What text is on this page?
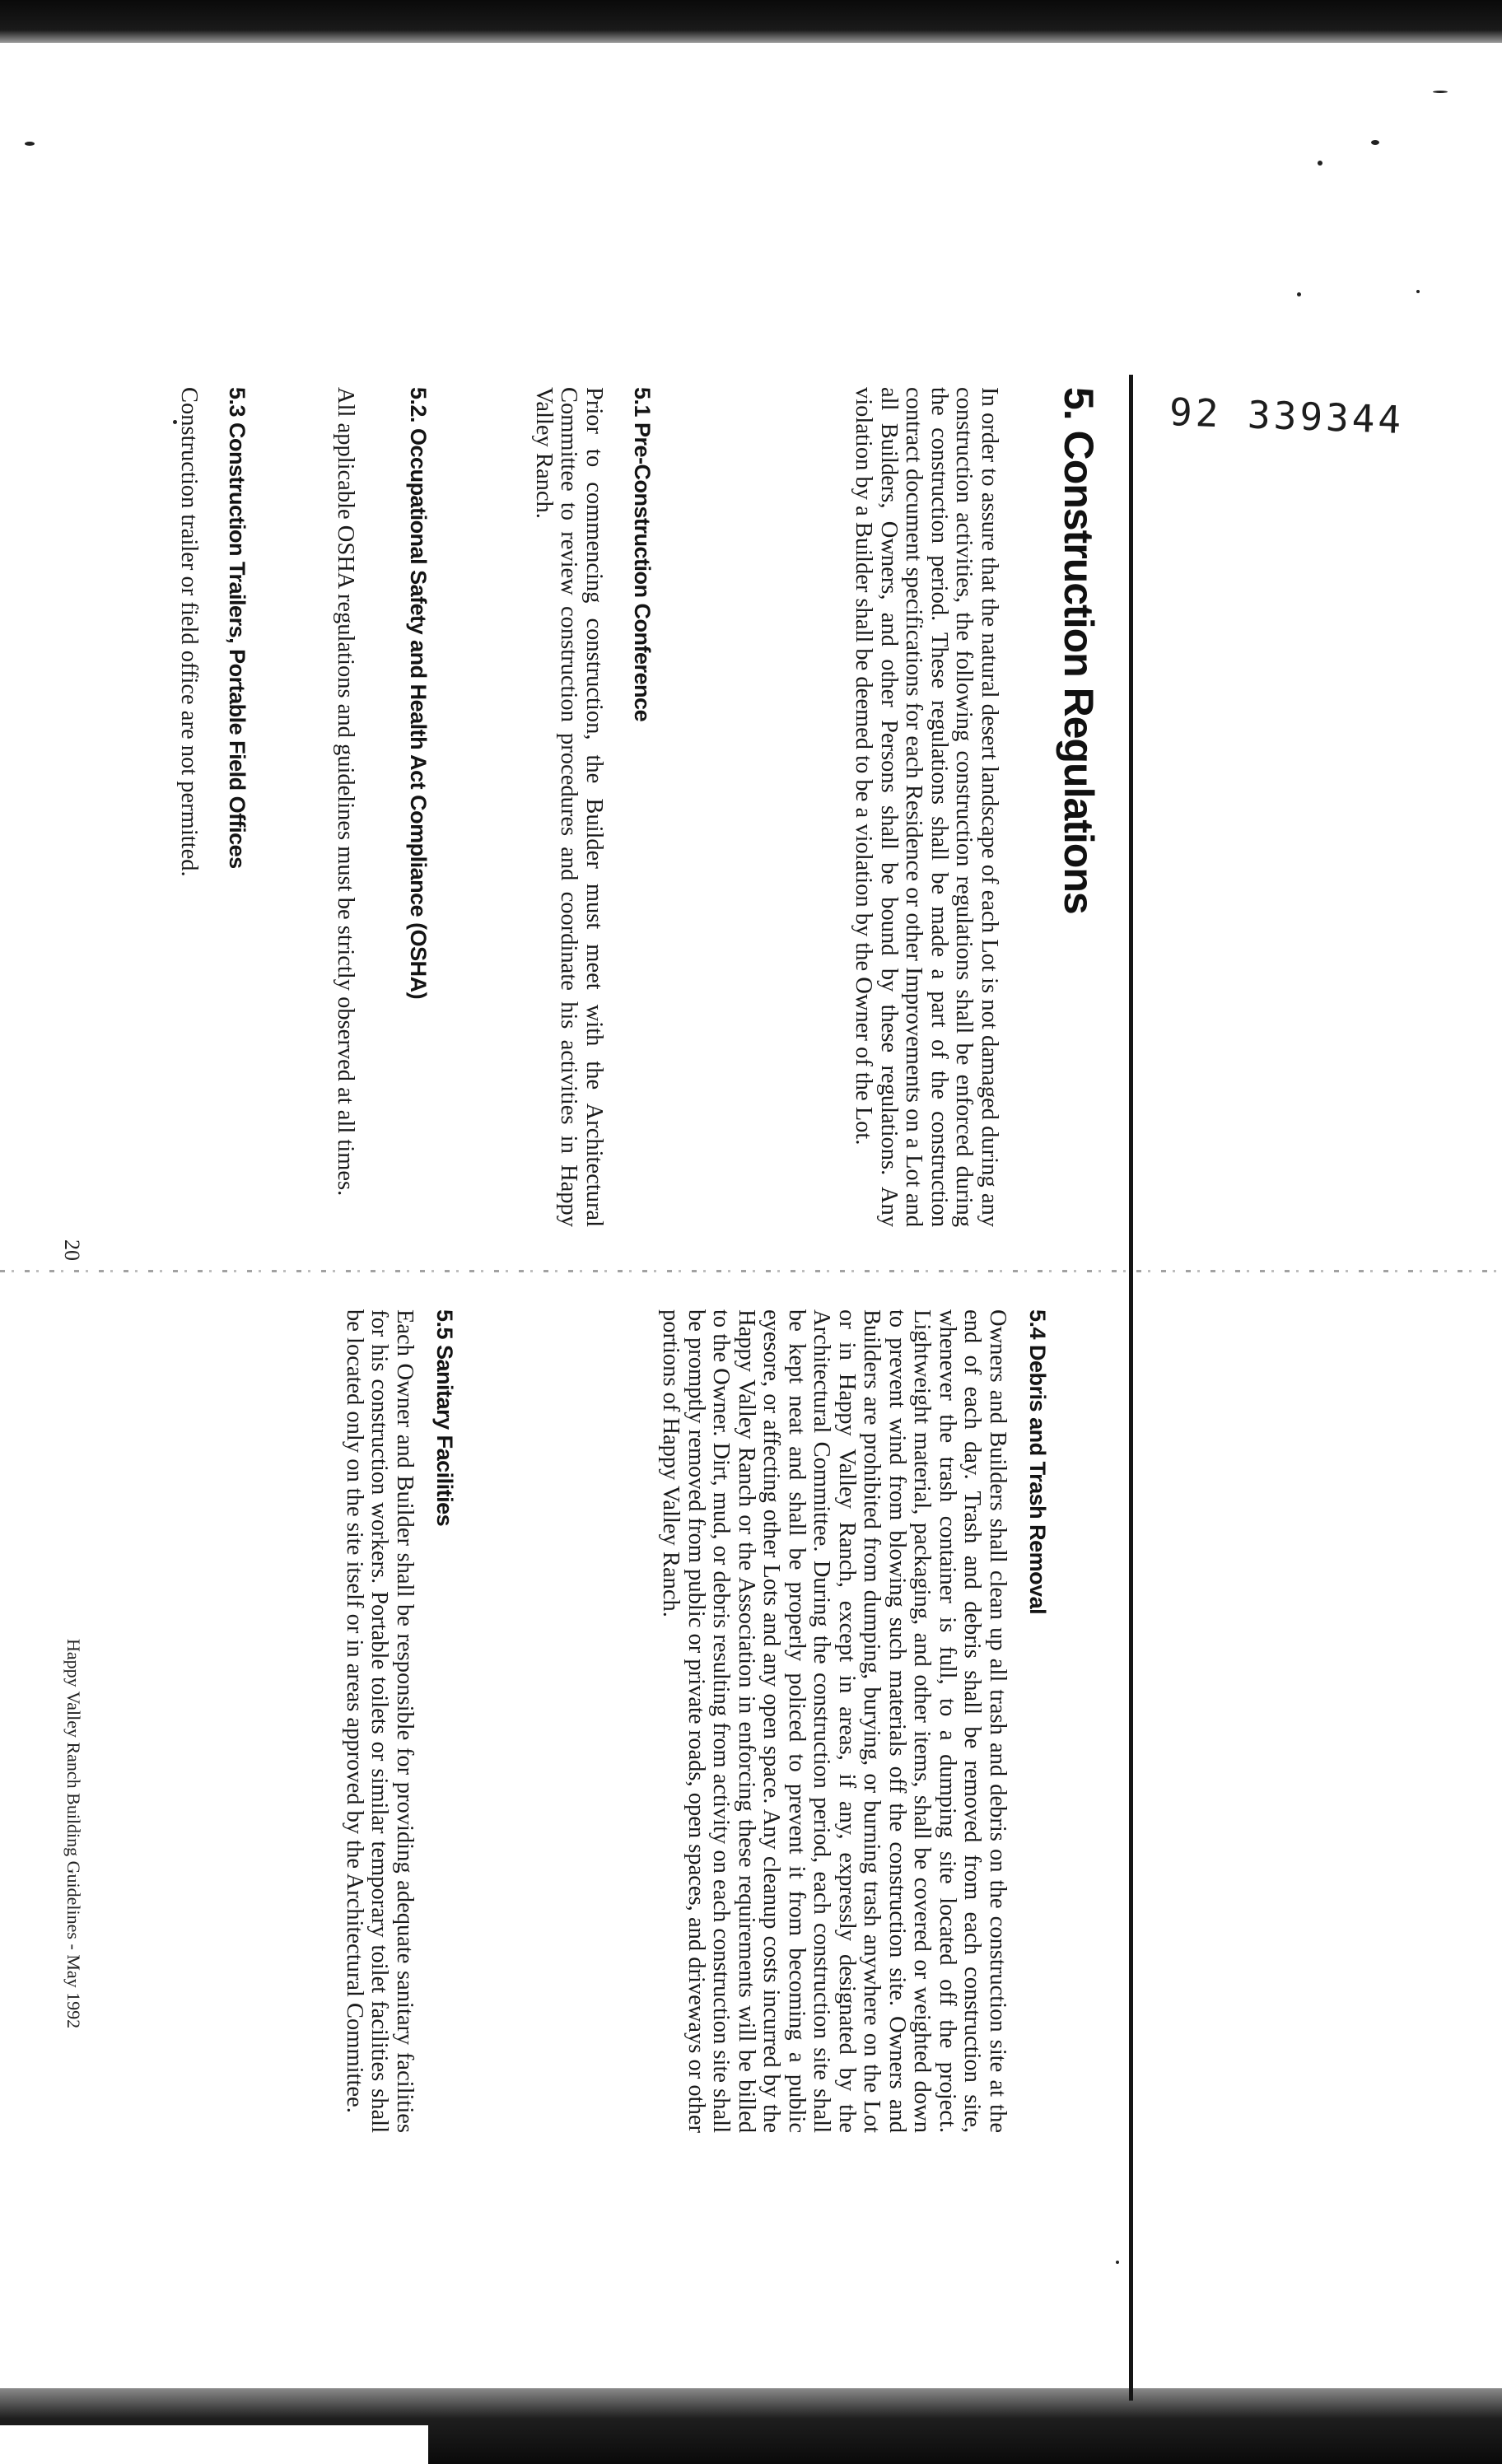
92 339344
5. Construction Regulations
In order to assure that the natural desert landscape of each Lot is not damaged during any construction activities, the following construction regulations shall be enforced during the construction period. These regulations shall be made a part of the construction contract document specifications for each Residence or other Improvements on a Lot and all Builders, Owners, and other Persons shall be bound by these regulations. Any violation by a Builder shall be deemed to be a violation by the Owner of the Lot.
5.1 Pre-Construction Conference
Prior to commencing construction, the Builder must meet with the Architectural Committee to review construction procedures and coordinate his activities in Happy Valley Ranch.
5.2. Occupational Safety and Health Act Compliance (OSHA)
All applicable OSHA regulations and guidelines must be strictly observed at all times.
5.3 Construction Trailers, Portable Field Offices
Construction trailer or field office are not permitted.
5.4 Debris and Trash Removal
Owners and Builders shall clean up all trash and debris on the construction site at the end of each day. Trash and debris shall be removed from each construction site, whenever the trash container is full, to a dumping site located off the project. Lightweight material, packaging, and other items, shall be covered or weighted down to prevent wind from blowing such materials off the construction site. Owners and Builders are prohibited from dumping, burying, or burning trash anywhere on the Lot or in Happy Valley Ranch, except in areas, if any, expressly designated by the Architectural Committee. During the construction period, each construction site shall be kept neat and shall be properly policed to prevent it from becoming a public eyesore, or affecting other Lots and any open space. Any cleanup costs incurred by the Happy Valley Ranch or the Association in enforcing these requirements will be billed to the Owner. Dirt, mud, or debris resulting from activity on each construction site shall be promptly removed from public or private roads, open spaces, and driveways or other portions of Happy Valley Ranch.
5.5 Sanitary Facilities
Each Owner and Builder shall be responsible for providing adequate sanitary facilities for his construction workers. Portable toilets or similar temporary toilet facilities shall be located only on the site itself or in areas approved by the Architectural Committee.
20
Happy Valley Ranch Building Guidelines - May 1992
